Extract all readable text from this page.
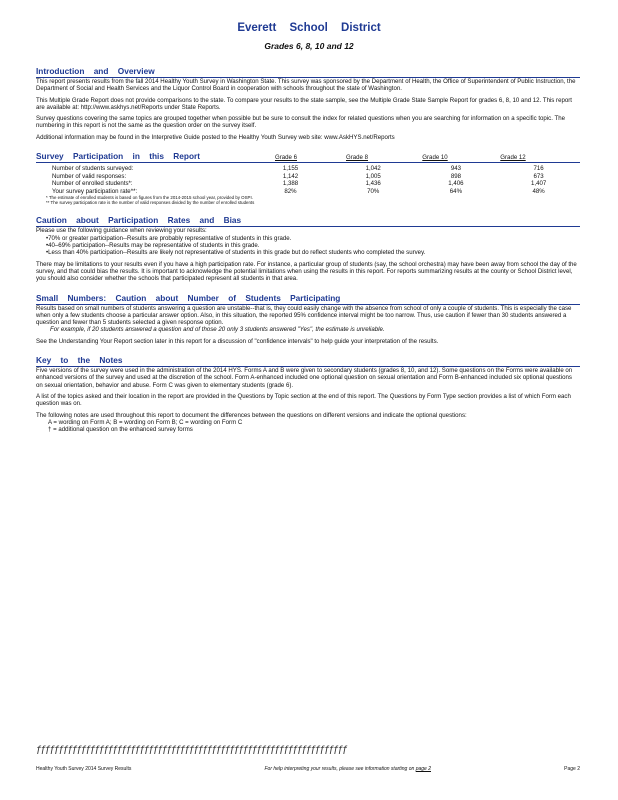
Everett School District
Grades 6, 8, 10 and 12
Introduction and Overview

This report presents results from the fall 2014 Healthy Youth Survey in Washington State. This survey was sponsored by the Department of Health, the Office of Superintendent of Public Instruction, the Department of Social and Health Services and the Liquor Control Board in cooperation with schools throughout the state of Washington.

This Multiple Grade Report does not provide comparisons to the state. To compare your results to the state sample, see the Multiple Grade State Sample Report for grades 6, 8, 10 and 12. This report are available at: http://www.askhys.net/Reports under State Reports.

Survey questions covering the same topics are grouped together when possible but be sure to consult the index for related questions when you are searching for information on a specific topic. The numbering in this report is not the same as the question order on the survey itself.

Additional information may be found in the Interpretive Guide posted to the Healthy Youth Survey web site: www.AskHYS.net/Reports

Survey Participation in this Report	Grade 6	Grade 8	Grade 10	Grade 12
Number of students surveyed:	1,155	1,042	943	716
Number of valid responses:	1,142	1,005	898	673
Number of enrolled students*:	1,388	1,436	1,406	1,407
Your survey participation rate**:	82%	70%	64%	48%
* The estimate of enrolled students is based on figures from the 2014-2015 school year, provided by OSPI.
** The survey participation rate is the number of valid responses divided by the number of enrolled students
Caution about Participation Rates and Bias

Please use the following guidance when reviewing your results:

•70% or greater participation--Results are probably representative of students in this grade.
•40–69% participation--Results may be representative of students in this grade.
•Less than 40% participation--Results are likely not representative of students in this grade but do reflect students who completed the survey.

There may be limitations to your results even if you have a high participation rate. For instance, a particular group of students (say, the school orchestra) may have been away from school the day of the survey, and that could bias the results. It is important to acknowledge the potential limitations when using the results in this report. For reports summarizing results at the county or School District level, you should also consider whether the schools that participated represent all students in that area.

Small Numbers: Caution about Number of Students Participating

Results based on small numbers of students answering a question are unstable--that is, they could easily change with the absence from school of only a couple of students. This is especially the case when only a few students choose a particular answer option. Also, in this situation, the reported 95% confidence interval might be too narrow. Thus, use caution if fewer than 30 students answered a question and fewer than 5 students selected a given response option.

For example, if 20 students answered a question and of those 20 only 3 students answered "Yes", the estimate is unreliable.

See the Understanding Your Report section later in this report for a discussion of "confidence intervals" to help guide your interpretation of the results.

Key to the Notes

Five versions of the survey were used in the administration of the 2014 HYS. Forms A and B were given to secondary students (grades 8, 10, and 12). Some questions on the Forms were available on enhanced versions of the survey and used at the discretion of the school. Form A-enhanced included one optional question on sexual orientation and Form B-enhanced included six optional questions on sexual orientation, behavior and abuse. Form C was given to elementary students (grade 6).

A list of the topics asked and their location in the report are provided in the Questions by Topic section at the end of this report. The Questions by Form Type section provides a list of which Form each question was on.

The following notes are used throughout this report to document the differences between the questions on different versions and indicate the optional questions:

A = wording on Form A; B = wording on Form B; C = wording on Form C
† = additional question on the enhanced survey forms
ƒƒƒƒƒƒƒƒƒƒƒƒƒƒƒƒƒƒƒƒƒƒƒƒƒƒƒƒƒƒƒƒƒƒƒƒƒƒƒƒƒƒƒƒƒƒƒƒƒƒƒƒƒƒƒƒƒƒƒƒƒƒƒƒƒƒƒƒƒ
Healthy Youth Survey 2014 Survey Results	For help interpreting your results, please see information starting on page 2	Page 2
